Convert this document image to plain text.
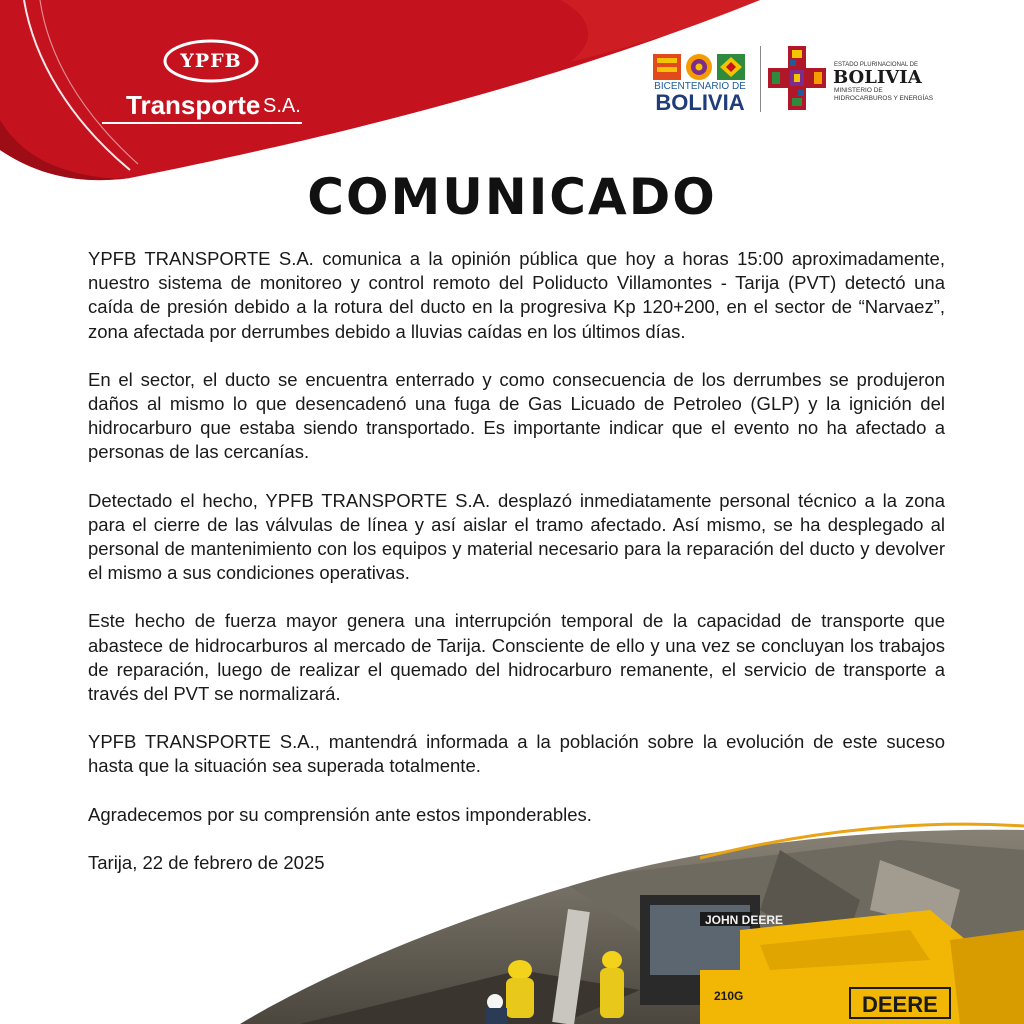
YPFB
Transporte S.A.
BICENTENARIO DE
BOLIVIA
ESTADO PLURINACIONAL DE
BOLIVIA
MINISTERIO DE
HIDROCARBUROS Y ENERGÍAS
COMUNICADO

YPFB TRANSPORTE S.A. comunica a la opinión pública que hoy a horas 15:00 aproximadamente, nuestro sistema de monitoreo y control remoto del Poliducto Villamontes - Tarija (PVT) detectó una caída de presión debido a la rotura del ducto en la progresiva Kp 120+200, en el sector de “Narvaez”, zona afectada por derrumbes debido a lluvias caídas en los últimos días.

En el sector, el ducto se encuentra enterrado y como consecuencia de los derrumbes se produjeron daños al mismo lo que desencadenó una fuga de Gas Licuado de Petroleo (GLP) y la ignición del hidrocarburo que estaba siendo transportado. Es importante indicar que el evento no ha afectado a personas de las cercanías.

Detectado el hecho, YPFB TRANSPORTE S.A. desplazó inmediatamente personal técnico a la zona para el cierre de las válvulas de línea y así aislar el tramo afectado. Así mismo, se ha desplegado al personal de mantenimiento con los equipos y material necesario para la reparación del ducto y devolver el mismo a sus condiciones operativas.

Este hecho de fuerza mayor genera una interrupción temporal de la capacidad de transporte que abastece de hidrocarburos al mercado de Tarija. Consciente de ello y una vez se concluyan los trabajos de reparación, luego de realizar el quemado del hidrocarburo remanente, el servicio de transporte a través del PVT se normalizará.

YPFB TRANSPORTE S.A., mantendrá informada a la población sobre la evolución de este suceso hasta que la situación sea superada totalmente.

Agradecemos por su comprensión ante estos imponderables.

Tarija, 22 de febrero de 2025

JOHN DEERE
210G	DEERE
